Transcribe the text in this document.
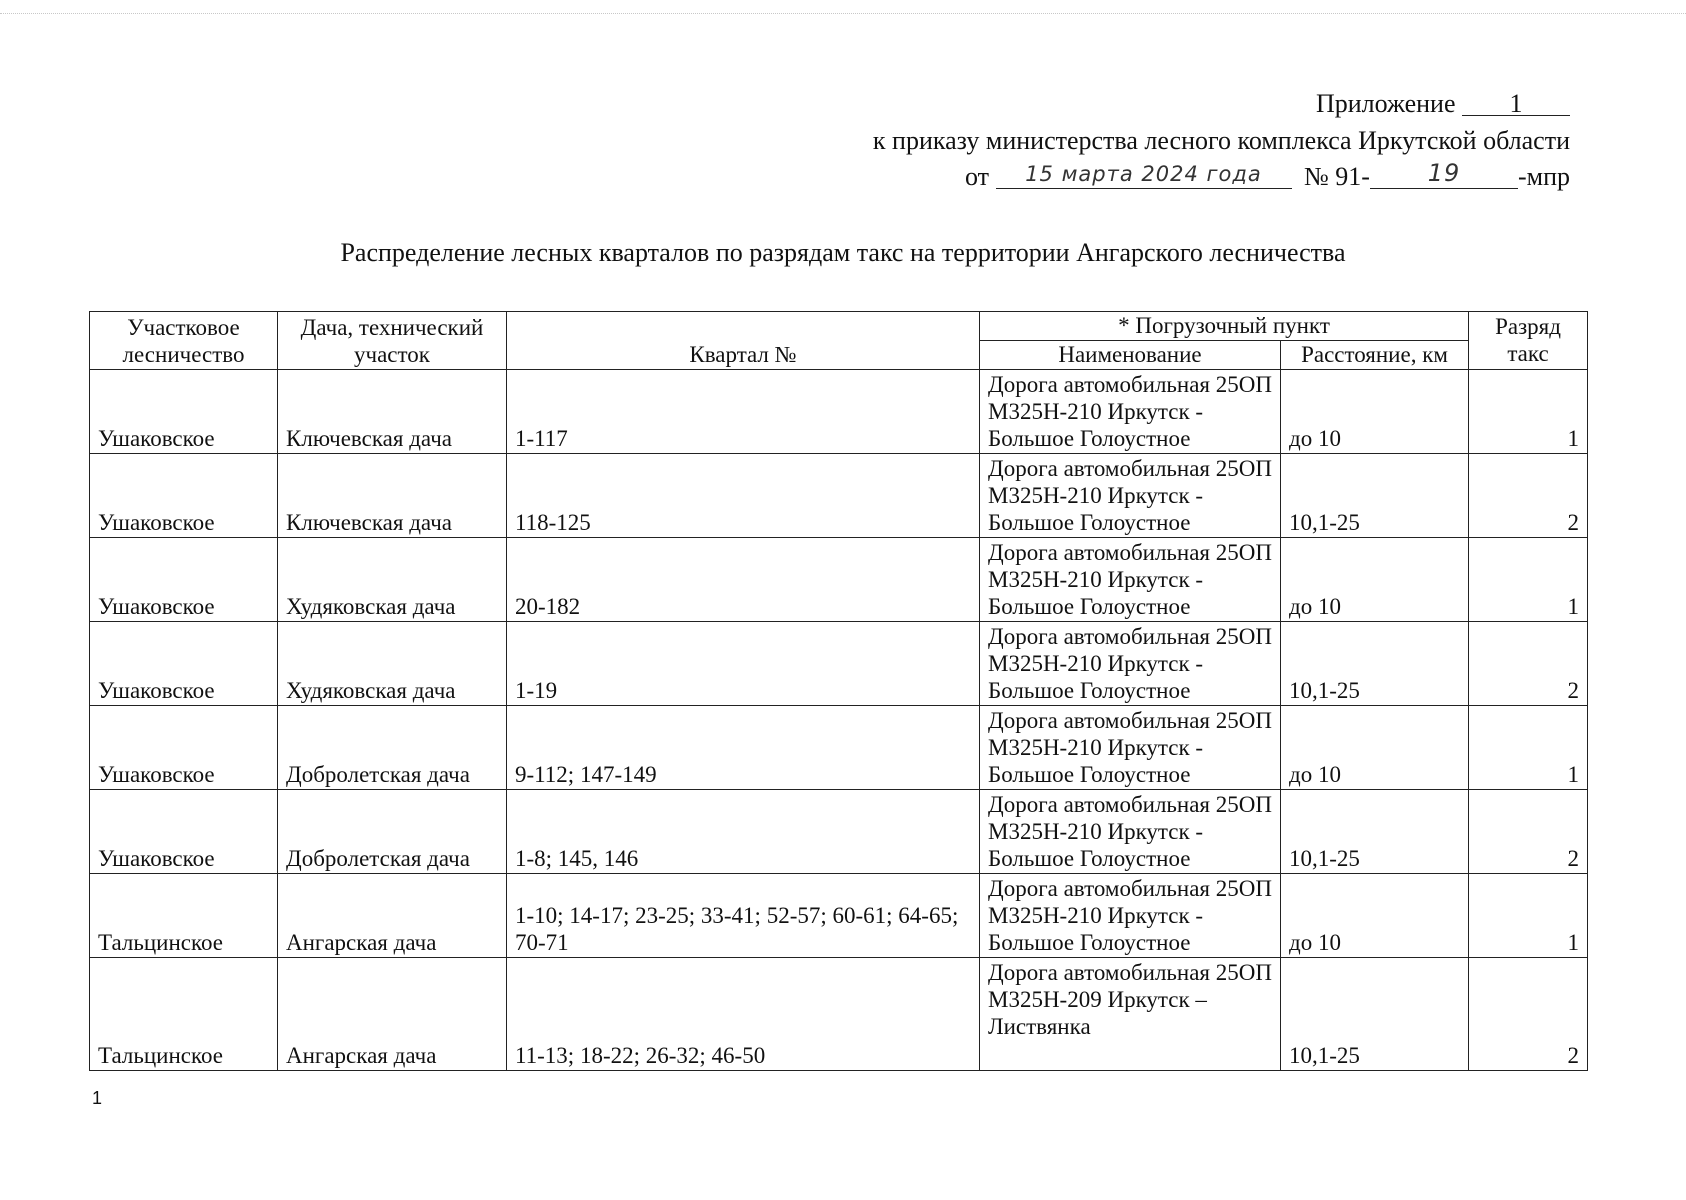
Приложение 1
к приказу министерства лесного комплекса Иркутской области
от 15 марта 2024 года № 91- 19 -мпр
Распределение лесных кварталов по разрядам такс на территории Ангарского лесничества
Участковое лесничество	Дача, технический участок	Квартал №	* Погрузочный пункт		Разряд такс
			Наименование	Расстояние, км	
Ушаковское	Ключевская дача	1-117	Дорога автомобильная 25ОП М325Н-210 Иркутск - Большое Голоустное	до 10	1
Ушаковское	Ключевская дача	118-125	Дорога автомобильная 25ОП М325Н-210 Иркутск - Большое Голоустное	10,1-25	2
Ушаковское	Худяковская дача	20-182	Дорога автомобильная 25ОП М325Н-210 Иркутск - Большое Голоустное	до 10	1
Ушаковское	Худяковская дача	1-19	Дорога автомобильная 25ОП М325Н-210 Иркутск - Большое Голоустное	10,1-25	2
Ушаковское	Добролетская дача	9-112; 147-149	Дорога автомобильная 25ОП М325Н-210 Иркутск - Большое Голоустное	до 10	1
Ушаковское	Добролетская дача	1-8; 145, 146	Дорога автомобильная 25ОП М325Н-210 Иркутск - Большое Голоустное	10,1-25	2
Тальцинское	Ангарская дача	1-10; 14-17; 23-25; 33-41; 52-57; 60-61; 64-65; 70-71	Дорога автомобильная 25ОП М325Н-210 Иркутск - Большое Голоустное	до 10	1
Тальцинское	Ангарская дача	11-13; 18-22; 26-32; 46-50	Дорога автомобильная 25ОП М325Н-209 Иркутск – Листвянка	10,1-25	2
1
